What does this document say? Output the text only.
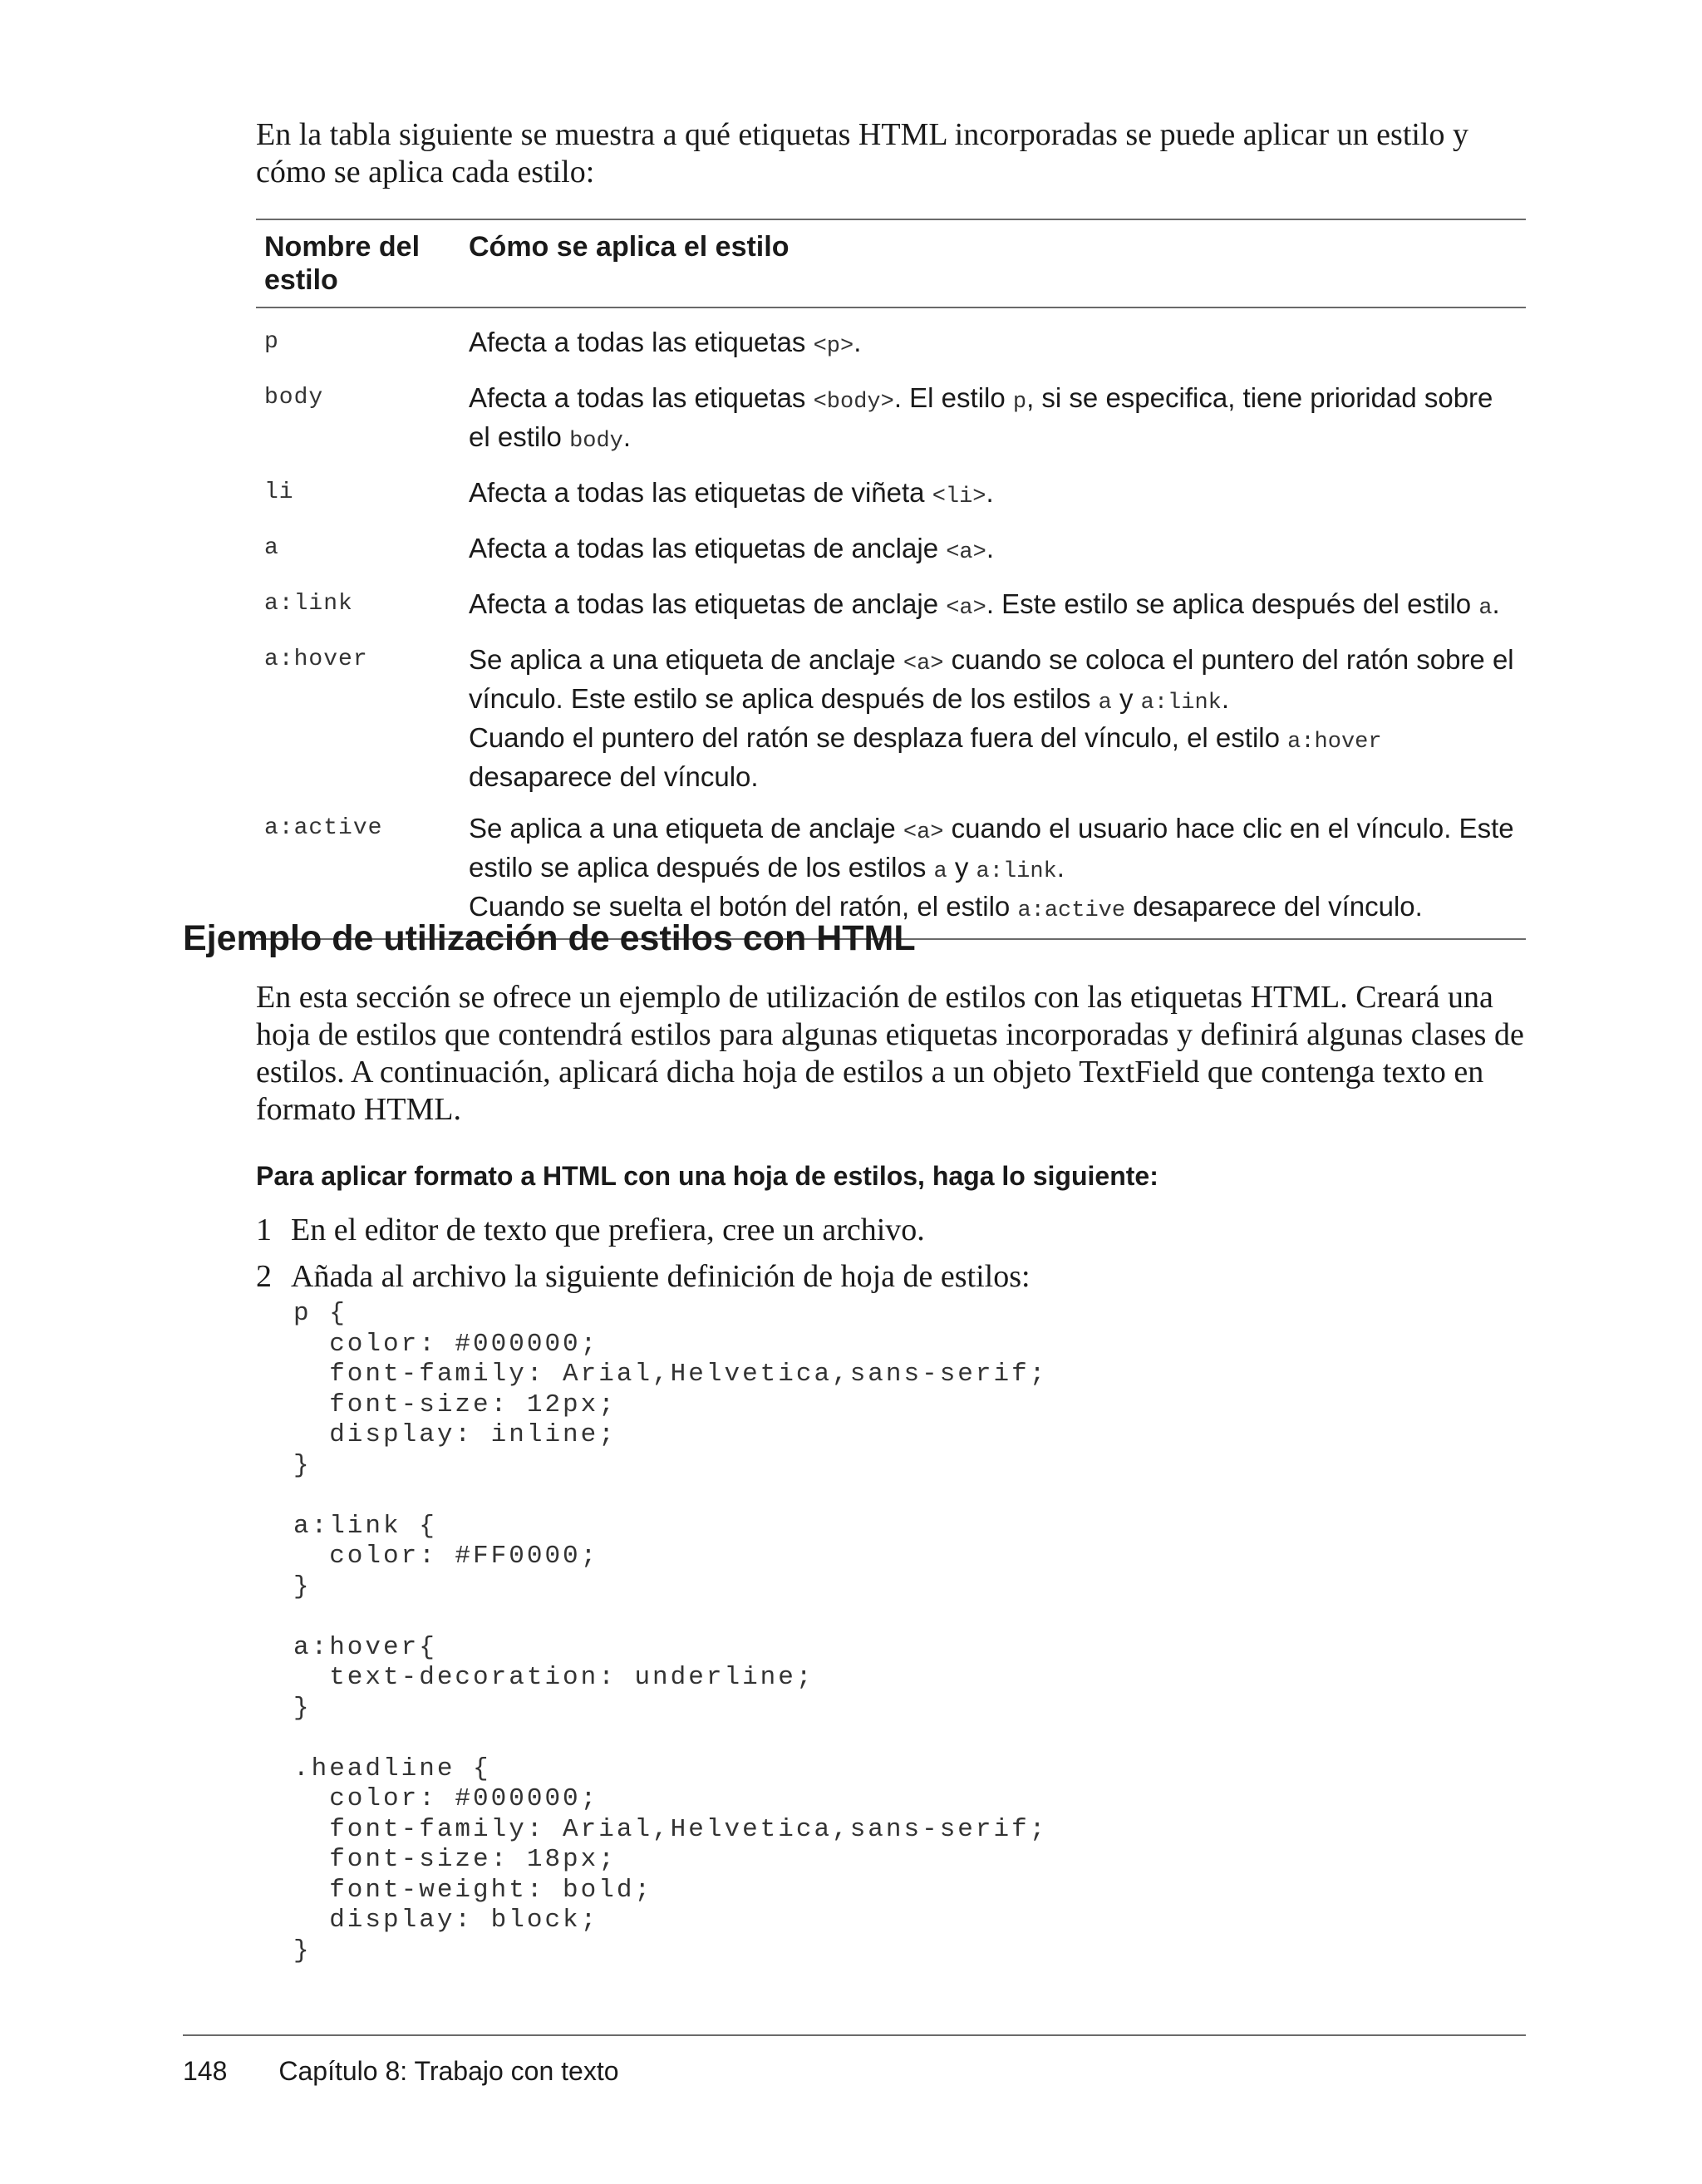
En la tabla siguiente se muestra a qué etiquetas HTML incorporadas se puede aplicar un estilo y cómo se aplica cada estilo:

Nombre del estilo	Cómo se aplica el estilo
p	Afecta a todas las etiquetas <p>.
body	Afecta a todas las etiquetas <body>. El estilo p, si se especifica, tiene prioridad sobre el estilo body.
li	Afecta a todas las etiquetas de viñeta <li>.
a	Afecta a todas las etiquetas de anclaje <a>.
a:link	Afecta a todas las etiquetas de anclaje <a>. Este estilo se aplica después del estilo a.
a:hover	Se aplica a una etiqueta de anclaje <a> cuando se coloca el puntero del ratón sobre el vínculo. Este estilo se aplica después de los estilos a y a:link.
Cuando el puntero del ratón se desplaza fuera del vínculo, el estilo a:hover desaparece del vínculo.
a:active	Se aplica a una etiqueta de anclaje <a> cuando el usuario hace clic en el vínculo. Este estilo se aplica después de los estilos a y a:link.
Cuando se suelta el botón del ratón, el estilo a:active desaparece del vínculo.
Ejemplo de utilización de estilos con HTML

En esta sección se ofrece un ejemplo de utilización de estilos con las etiquetas HTML. Creará una hoja de estilos que contendrá estilos para algunas etiquetas incorporadas y definirá algunas clases de estilos. A continuación, aplicará dicha hoja de estilos a un objeto TextField que contenga texto en formato HTML.

Para aplicar formato a HTML con una hoja de estilos, haga lo siguiente:

1 En el editor de texto que prefiera, cree un archivo.

2 Añada al archivo la siguiente definición de hoja de estilos:

p {
color: #000000;
font-family: Arial,Helvetica,sans-serif;
font-size: 12px;
display: inline;
}

a:link {
color: #FF0000;
}

a:hover{
text-decoration: underline;
}

.headline {
color: #000000;
font-family: Arial,Helvetica,sans-serif;
font-size: 18px;
font-weight: bold;
display: block;
}
148 Capítulo 8: Trabajo con texto
